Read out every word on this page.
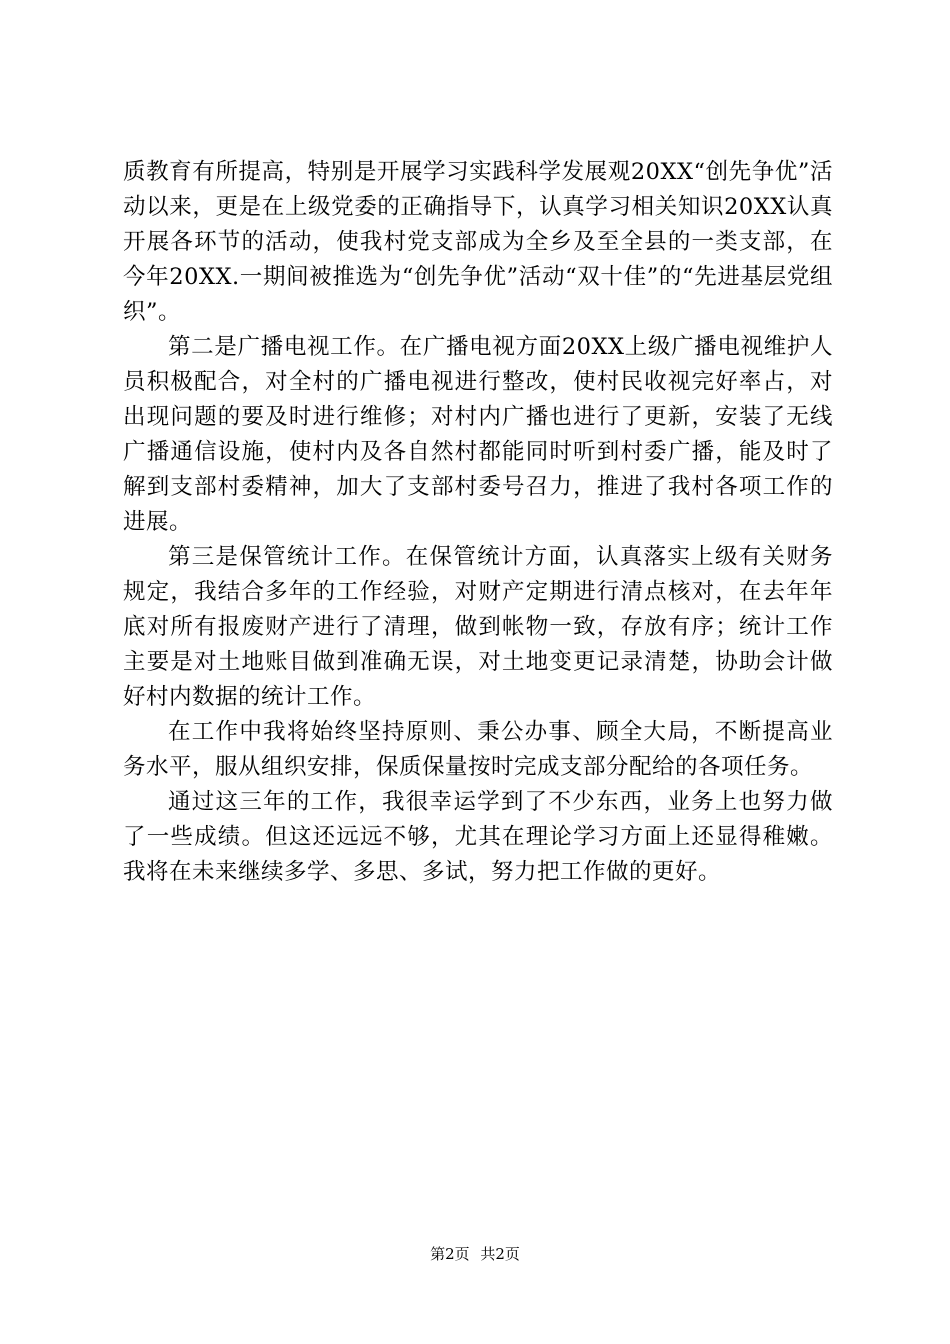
质教育有所提高，特别是开展学习实践科学发展观20XX“创先争优”活动以来，更是在上级党委的正确指导下，认真学习相关知识20XX认真开展各环节的活动，使我村党支部成为全乡及至全县的一类支部，在今年20XX.一期间被推选为“创先争优”活动“双十佳”的“先进基层党组织”。

第二是广播电视工作。在广播电视方面20XX上级广播电视维护人员积极配合，对全村的广播电视进行整改，使村民收视完好率占，对出现问题的要及时进行维修；对村内广播也进行了更新，安装了无线广播通信设施，使村内及各自然村都能同时听到村委广播，能及时了解到支部村委精神，加大了支部村委号召力，推进了我村各项工作的进展。

第三是保管统计工作。在保管统计方面，认真落实上级有关财务规定，我结合多年的工作经验，对财产定期进行清点核对，在去年年底对所有报废财产进行了清理，做到帐物一致，存放有序；统计工作主要是对土地账目做到准确无误，对土地变更记录清楚，协助会计做好村内数据的统计工作。

在工作中我将始终坚持原则、秉公办事、顾全大局，不断提高业务水平，服从组织安排，保质保量按时完成支部分配给的各项任务。

通过这三年的工作，我很幸运学到了不少东西，业务上也努力做了一些成绩。但这还远远不够，尤其在理论学习方面上还显得稚嫩。我将在未来继续多学、多思、多试，努力把工作做的更好。

第2页 共2页
